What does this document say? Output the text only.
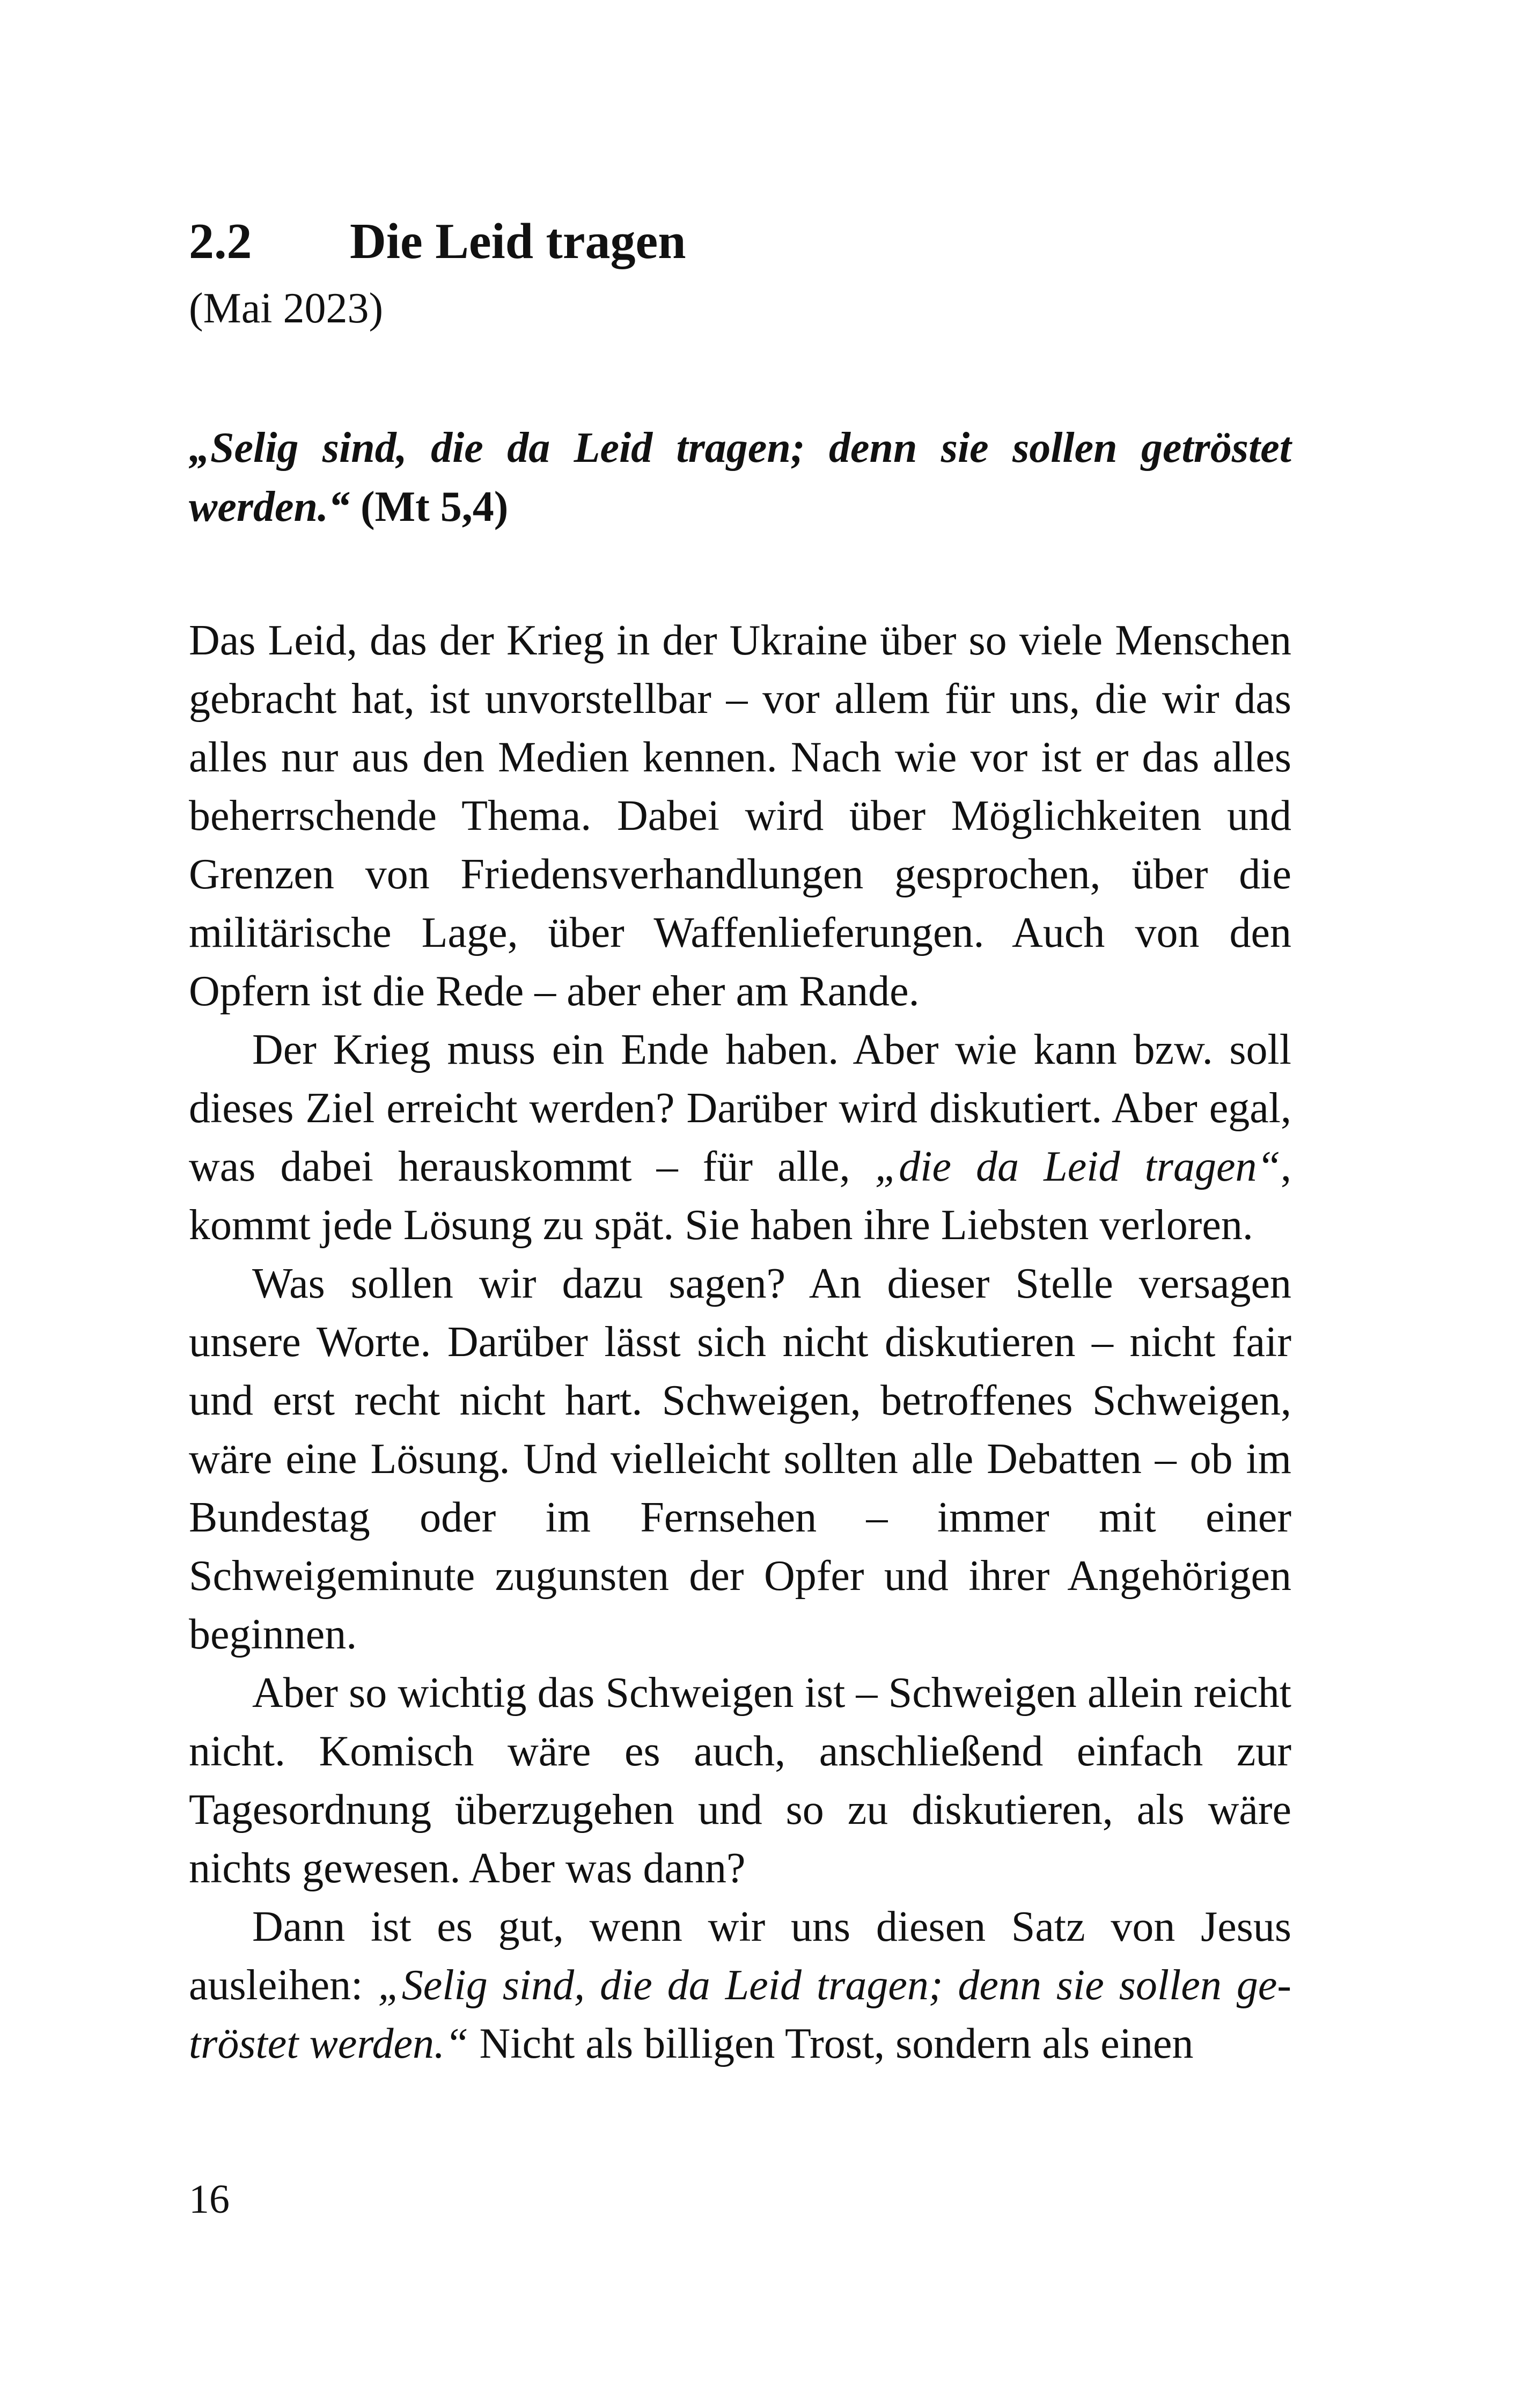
2.2	Die Leid tragen

(Mai 2023)

„Selig sind, die da Leid tragen; denn sie sollen getröstet werden.“ (Mt 5,4)

Das Leid, das der Krieg in der Ukraine über so viele Menschen gebracht hat, ist unvorstellbar – vor allem für uns, die wir das alles nur aus den Medien kennen. Nach wie vor ist er das alles beherrschende Thema. Dabei wird über Möglichkeiten und Grenzen von Friedensverhandlungen gesprochen, über die militärische Lage, über Waffenlieferungen. Auch von den Opfern ist die Rede – aber eher am Rande.

Der Krieg muss ein Ende haben. Aber wie kann bzw. soll dieses Ziel erreicht werden? Darüber wird diskutiert. Aber egal, was dabei herauskommt – für alle, „die da Leid tragen“, kommt jede Lösung zu spät. Sie haben ihre Liebsten verloren.

Was sollen wir dazu sagen? An dieser Stelle versagen unsere Worte. Darüber lässt sich nicht diskutieren – nicht fair und erst recht nicht hart. Schweigen, betroffenes Schweigen, wäre eine Lösung. Und vielleicht sollten alle Debatten – ob im Bundestag oder im Fernsehen – immer mit einer Schweigeminute zugunsten der Opfer und ihrer Angehörigen beginnen.

Aber so wichtig das Schweigen ist – Schweigen allein reicht nicht. Komisch wäre es auch, anschließend einfach zur Tagesordnung überzugehen und so zu diskutieren, als wäre nichts gewesen. Aber was dann?

Dann ist es gut, wenn wir uns diesen Satz von Jesus ausleihen: „Selig sind, die da Leid tragen; denn sie sollen getröstet werden.“ Nicht als billigen Trost, sondern als einen

16
